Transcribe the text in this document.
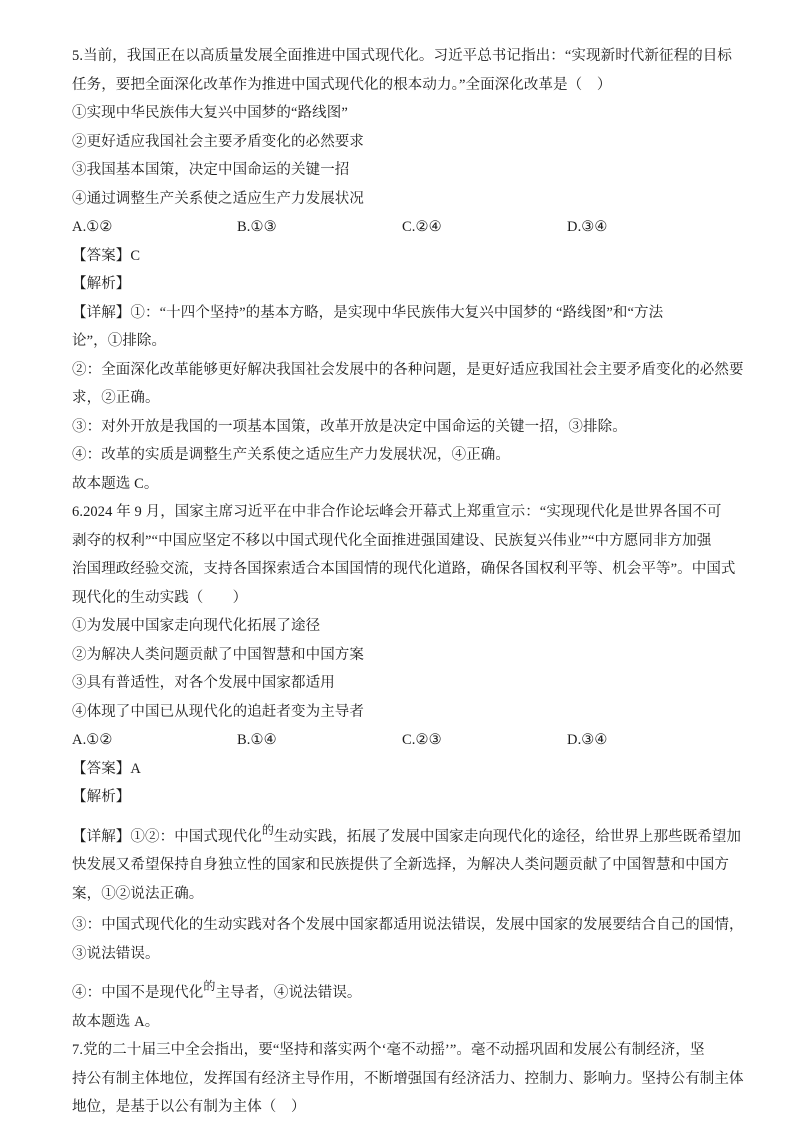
5.当前，我国正在以高质量发展全面推进中国式现代化。习近平总书记指出：“实现新时代新征程的目标
任务，要把全面深化改革作为推进中国式现代化的根本动力。”全面深化改革是（　）
①实现中华民族伟大复兴中国梦的“路线图”
②更好适应我国社会主要矛盾变化的必然要求
③我国基本国策，决定中国命运的关键一招
④通过调整生产关系使之适应生产力发展状况
A.①②	B.①③	C.②④	D.③④
【答案】C
【解析】
【详解】①：“十四个坚持”的基本方略，是实现中华民族伟大复兴中国梦的 “路线图”和“方法
论”，①排除。
②：全面深化改革能够更好解决我国社会发展中的各种问题，是更好适应我国社会主要矛盾变化的必然要
求，②正确。
③：对外开放是我国的一项基本国策，改革开放是决定中国命运的关键一招，③排除。
④：改革的实质是调整生产关系使之适应生产力发展状况，④正确。
故本题选 C。
6.2024 年 9 月，国家主席习近平在中非合作论坛峰会开幕式上郑重宣示：“实现现代化是世界各国不可
剥夺的权利”“中国应坚定不移以中国式现代化全面推进强国建设、民族复兴伟业”“中方愿同非方加强
治国理政经验交流，支持各国探索适合本国国情的现代化道路，确保各国权利平等、机会平等”。中国式
现代化的生动实践（　　）
①为发展中国家走向现代化拓展了途径
②为解决人类问题贡献了中国智慧和中国方案
③具有普适性，对各个发展中国家都适用
④体现了中国已从现代化的追赶者变为主导者
A.①②	B.①④	C.②③	D.③④
【答案】A
【解析】
【详解】①②：中国式现代化$^的$生动实践，拓展了发展中国家走向现代化的途径，给世界上那些既希望加
快发展又希望保持自身独立性的国家和民族提供了全新选择，为解决人类问题贡献了中国智慧和中国方
案，①②说法正确。
③：中国式现代化的生动实践对各个发展中国家都适用说法错误，发展中国家的发展要结合自己的国情，
③说法错误。
④：中国不是现代化$^的$主导者，④说法错误。
故本题选 A。
7.党的二十届三中全会指出，要“坚持和落实两个‘毫不动摇’”。毫不动摇巩固和发展公有制经济，坚
持公有制主体地位，发挥国有经济主导作用，不断增强国有经济活力、控制力、影响力。坚持公有制主体
地位，是基于以公有制为主体（　）
